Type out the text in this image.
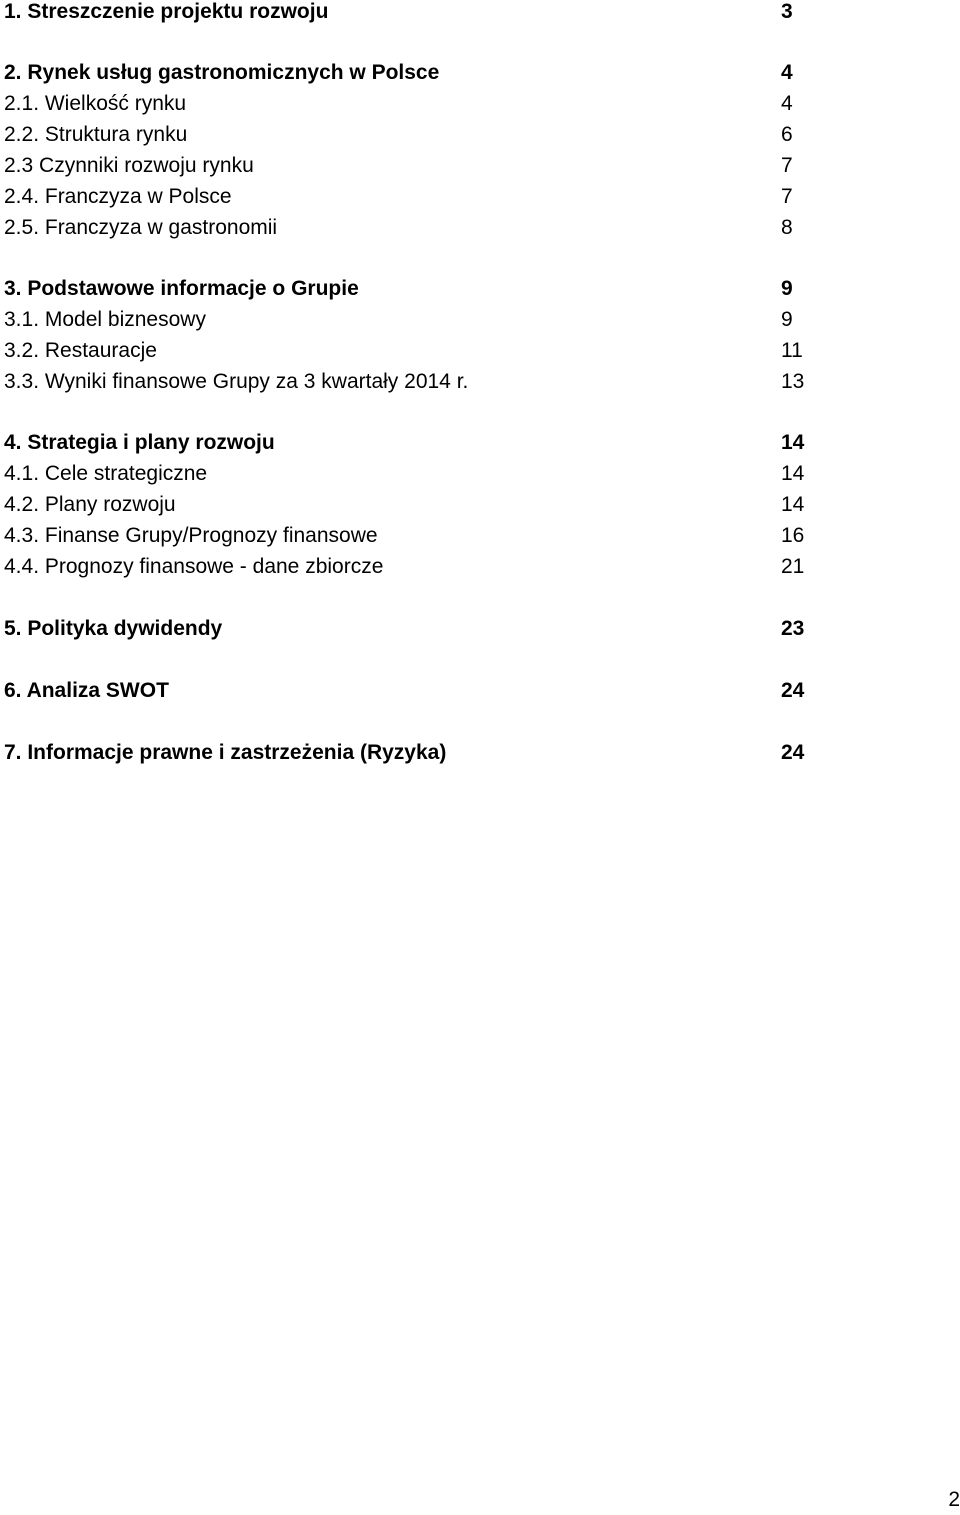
1. Streszczenie projektu rozwoju	3
2. Rynek usług gastronomicznych w Polsce	4
2.1. Wielkość rynku	4
2.2. Struktura rynku	6
2.3 Czynniki rozwoju rynku	7
2.4. Franczyza w Polsce	7
2.5. Franczyza w gastronomii	8
3. Podstawowe informacje o Grupie	9
3.1. Model biznesowy	9
3.2. Restauracje	11
3.3. Wyniki finansowe Grupy za 3 kwartały 2014 r.	13
4. Strategia i plany rozwoju	14
4.1. Cele strategiczne	14
4.2. Plany rozwoju	14
4.3. Finanse Grupy/Prognozy finansowe	16
4.4. Prognozy finansowe - dane zbiorcze	21
5. Polityka dywidendy	23
6. Analiza SWOT	24
7. Informacje prawne i zastrzeżenia (Ryzyka)	24
2
